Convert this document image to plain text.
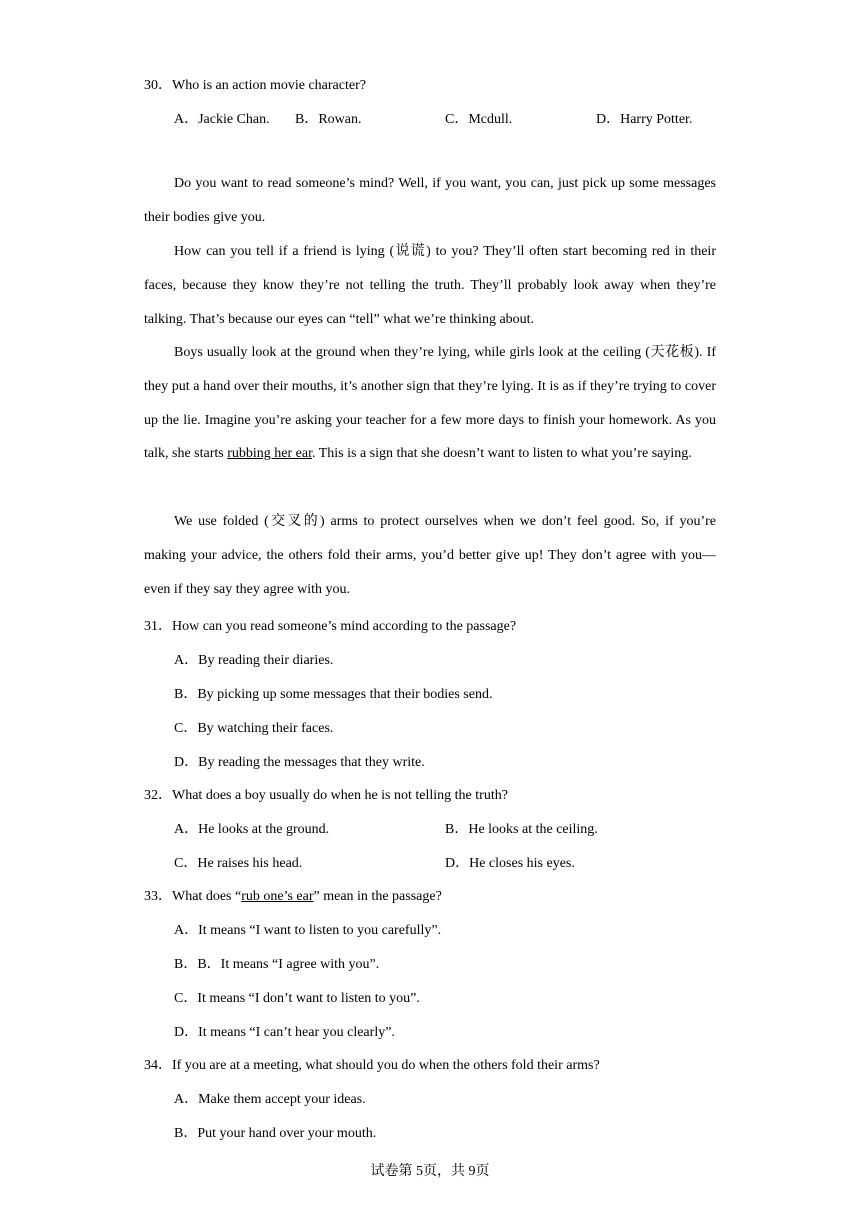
30．Who is an action movie character?
A．Jackie Chan. B．Rowan.	C．Mcdull.	D．Harry Potter.
Do you want to read someone’s mind? Well, if you want, you can, just pick up some messages their bodies give you.
How can you tell if a friend is lying (说谎) to you? They’ll often start becoming red in their faces, because they know they’re not telling the truth. They’ll probably look away when they’re talking. That’s because our eyes can “tell” what we’re thinking about.
Boys usually look at the ground when they’re lying, while girls look at the ceiling (天花板). If they put a hand over their mouths, it’s another sign that they’re lying. It is as if they’re trying to cover up the lie. Imagine you’re asking your teacher for a few more days to finish your homework. As you talk, she starts rubbing her ear. This is a sign that she doesn’t want to listen to what you’re saying.
We use folded (交叉的) arms to protect ourselves when we don’t feel good. So, if you’re making your advice, the others fold their arms, you’d better give up! They don’t agree with you—even if they say they agree with you.
31．How can you read someone’s mind according to the passage?
A．By reading their diaries.
B．By picking up some messages that their bodies send.
C．By watching their faces.
D．By reading the messages that they write.
32．What does a boy usually do when he is not telling the truth?
A．He looks at the ground.	B．He looks at the ceiling.
C．He raises his head.	D．He closes his eyes.
33．What does “rub one’s ear” mean in the passage?
A．It means “I want to listen to you carefully”.
B．B．It means “I agree with you”.
C．It means “I don’t want to listen to you”.
D．It means “I can’t hear you clearly”.
34．If you are at a meeting, what should you do when the others fold their arms?
A．Make them accept your ideas.
B．Put your hand over your mouth.
试卷第 5页，共 9页
